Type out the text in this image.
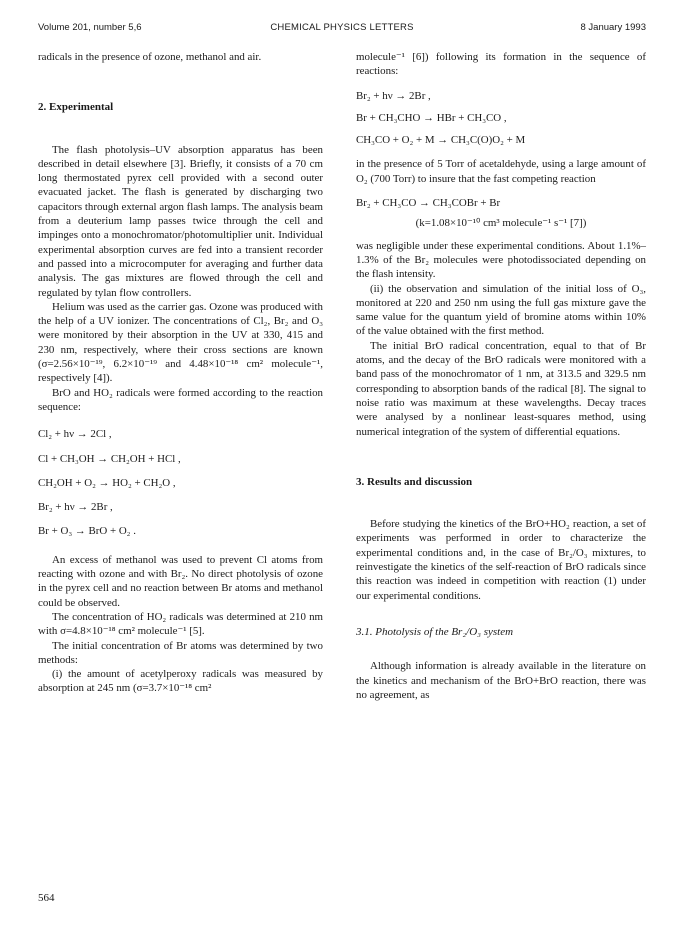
Volume 201, number 5,6	CHEMICAL PHYSICS LETTERS	8 January 1993

radicals in the presence of ozone, methanol and air.

2. Experimental

The flash photolysis–UV absorption apparatus has been described in detail elsewhere [3]. Briefly, it consists of a 70 cm long thermostated pyrex cell provided with a second outer evacuated jacket. The flash is generated by discharging two capacitors through external argon flash lamps. The analysis beam from a deuterium lamp passes twice through the cell and impinges onto a monochromator/photomultiplier unit. Individual experimental absorption curves are fed into a transient recorder and passed into a microcomputer for averaging and further data analysis. The gas mixtures are flowed through the cell and regulated by tylan flow controllers.

Helium was used as the carrier gas. Ozone was produced with the help of a UV ionizer. The concentrations of Cl₂, Br₂ and O₃ were monitored by their absorption in the UV at 330, 415 and 230 nm, respectively, where their cross sections are known (σ=2.56×10⁻¹⁹, 6.2×10⁻¹⁹ and 4.48×10⁻¹⁸ cm² molecule⁻¹, respectively [4]).

BrO and HO₂ radicals were formed according to the reaction sequence:

Cl₂ + hν → 2Cl ,

Cl + CH₃OH → CH₂OH + HCl ,

CH₂OH + O₂ → HO₂ + CH₂O ,

Br₂ + hν → 2Br ,

Br + O₃ → BrO + O₂ .

An excess of methanol was used to prevent Cl atoms from reacting with ozone and with Br₂. No direct photolysis of ozone in the pyrex cell and no reaction between Br atoms and methanol could be observed.

The concentration of HO₂ radicals was determined at 210 nm with σ=4.8×10⁻¹⁸ cm² molecule⁻¹ [5].

The initial concentration of Br atoms was determined by two methods:

(i) the amount of acetylperoxy radicals was measured by absorption at 245 nm (σ=3.7×10⁻¹⁸ cm²

molecule⁻¹ [6]) following its formation in the sequence of reactions:

Br₂ + hν → 2Br ,

Br + CH₃CHO → HBr + CH₃CO ,

CH₃CO + O₂ + M → CH₃C(O)O₂ + M

in the presence of 5 Torr of acetaldehyde, using a large amount of O₂ (700 Torr) to insure that the fast competing reaction

Br₂ + CH₃CO → CH₃COBr + Br

(k=1.08×10⁻¹⁰ cm³ molecule⁻¹ s⁻¹ [7])

was negligible under these experimental conditions. About 1.1%–1.3% of the Br₂ molecules were photodissociated depending on the flash intensity.

(ii) the observation and simulation of the initial loss of O₃, monitored at 220 and 250 nm using the full gas mixture gave the same value for the quantum yield of bromine atoms within 10% of the value obtained with the first method.

The initial BrO radical concentration, equal to that of Br atoms, and the decay of the BrO radicals were monitored with a band pass of the monochromator of 1 nm, at 313.5 and 329.5 nm corresponding to absorption bands of the radical [8]. The signal to noise ratio was maximum at these wavelengths. Decay traces were analysed by a nonlinear least-squares method, using numerical integration of the system of differential equations.

3. Results and discussion

Before studying the kinetics of the BrO+HO₂ reaction, a set of experiments was performed in order to characterize the experimental conditions and, in the case of Br₂/O₃ mixtures, to reinvestigate the kinetics of the self-reaction of BrO radicals since this reaction was indeed in competition with reaction (1) under our experimental conditions.

3.1. Photolysis of the Br₂/O₃ system

Although information is already available in the literature on the kinetics and mechanism of the BrO+BrO reaction, there was no agreement, as

564
